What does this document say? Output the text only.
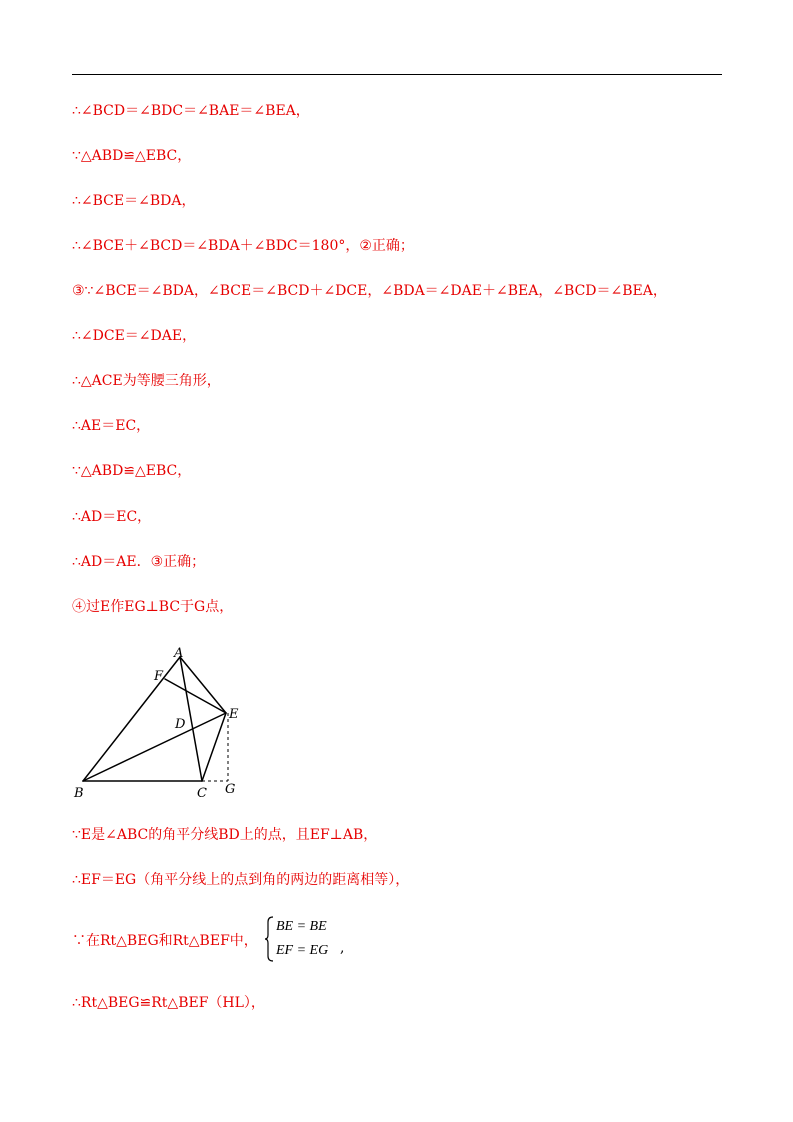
∴∠BCD＝∠BDC＝∠BAE＝∠BEA，
∵△ABD≌△EBC，
∴∠BCE＝∠BDA，
∴∠BCE＋∠BCD＝∠BDA＋∠BDC＝180°，②正确；
③∵∠BCE＝∠BDA，∠BCE＝∠BCD＋∠DCE，∠BDA＝∠DAE＋∠BEA，∠BCD＝∠BEA，
∴∠DCE＝∠DAE，
∴△ACE为等腰三角形，
∴AE＝EC，
∵△ABD≌△EBC，
∴AD＝EC，
∴AD＝AE．③正确；
④过E作EG⊥BC于G点，
A
F
D
E
B	C G
∵E是∠ABC的角平分线BD上的点，且EF⊥AB，
∴EF＝EG（角平分线上的点到角的两边的距离相等），
∵在Rt△BEG和Rt△BEF中，
BE = BE
EF = EG ,
∴Rt△BEG≌Rt△BEF（HL），
